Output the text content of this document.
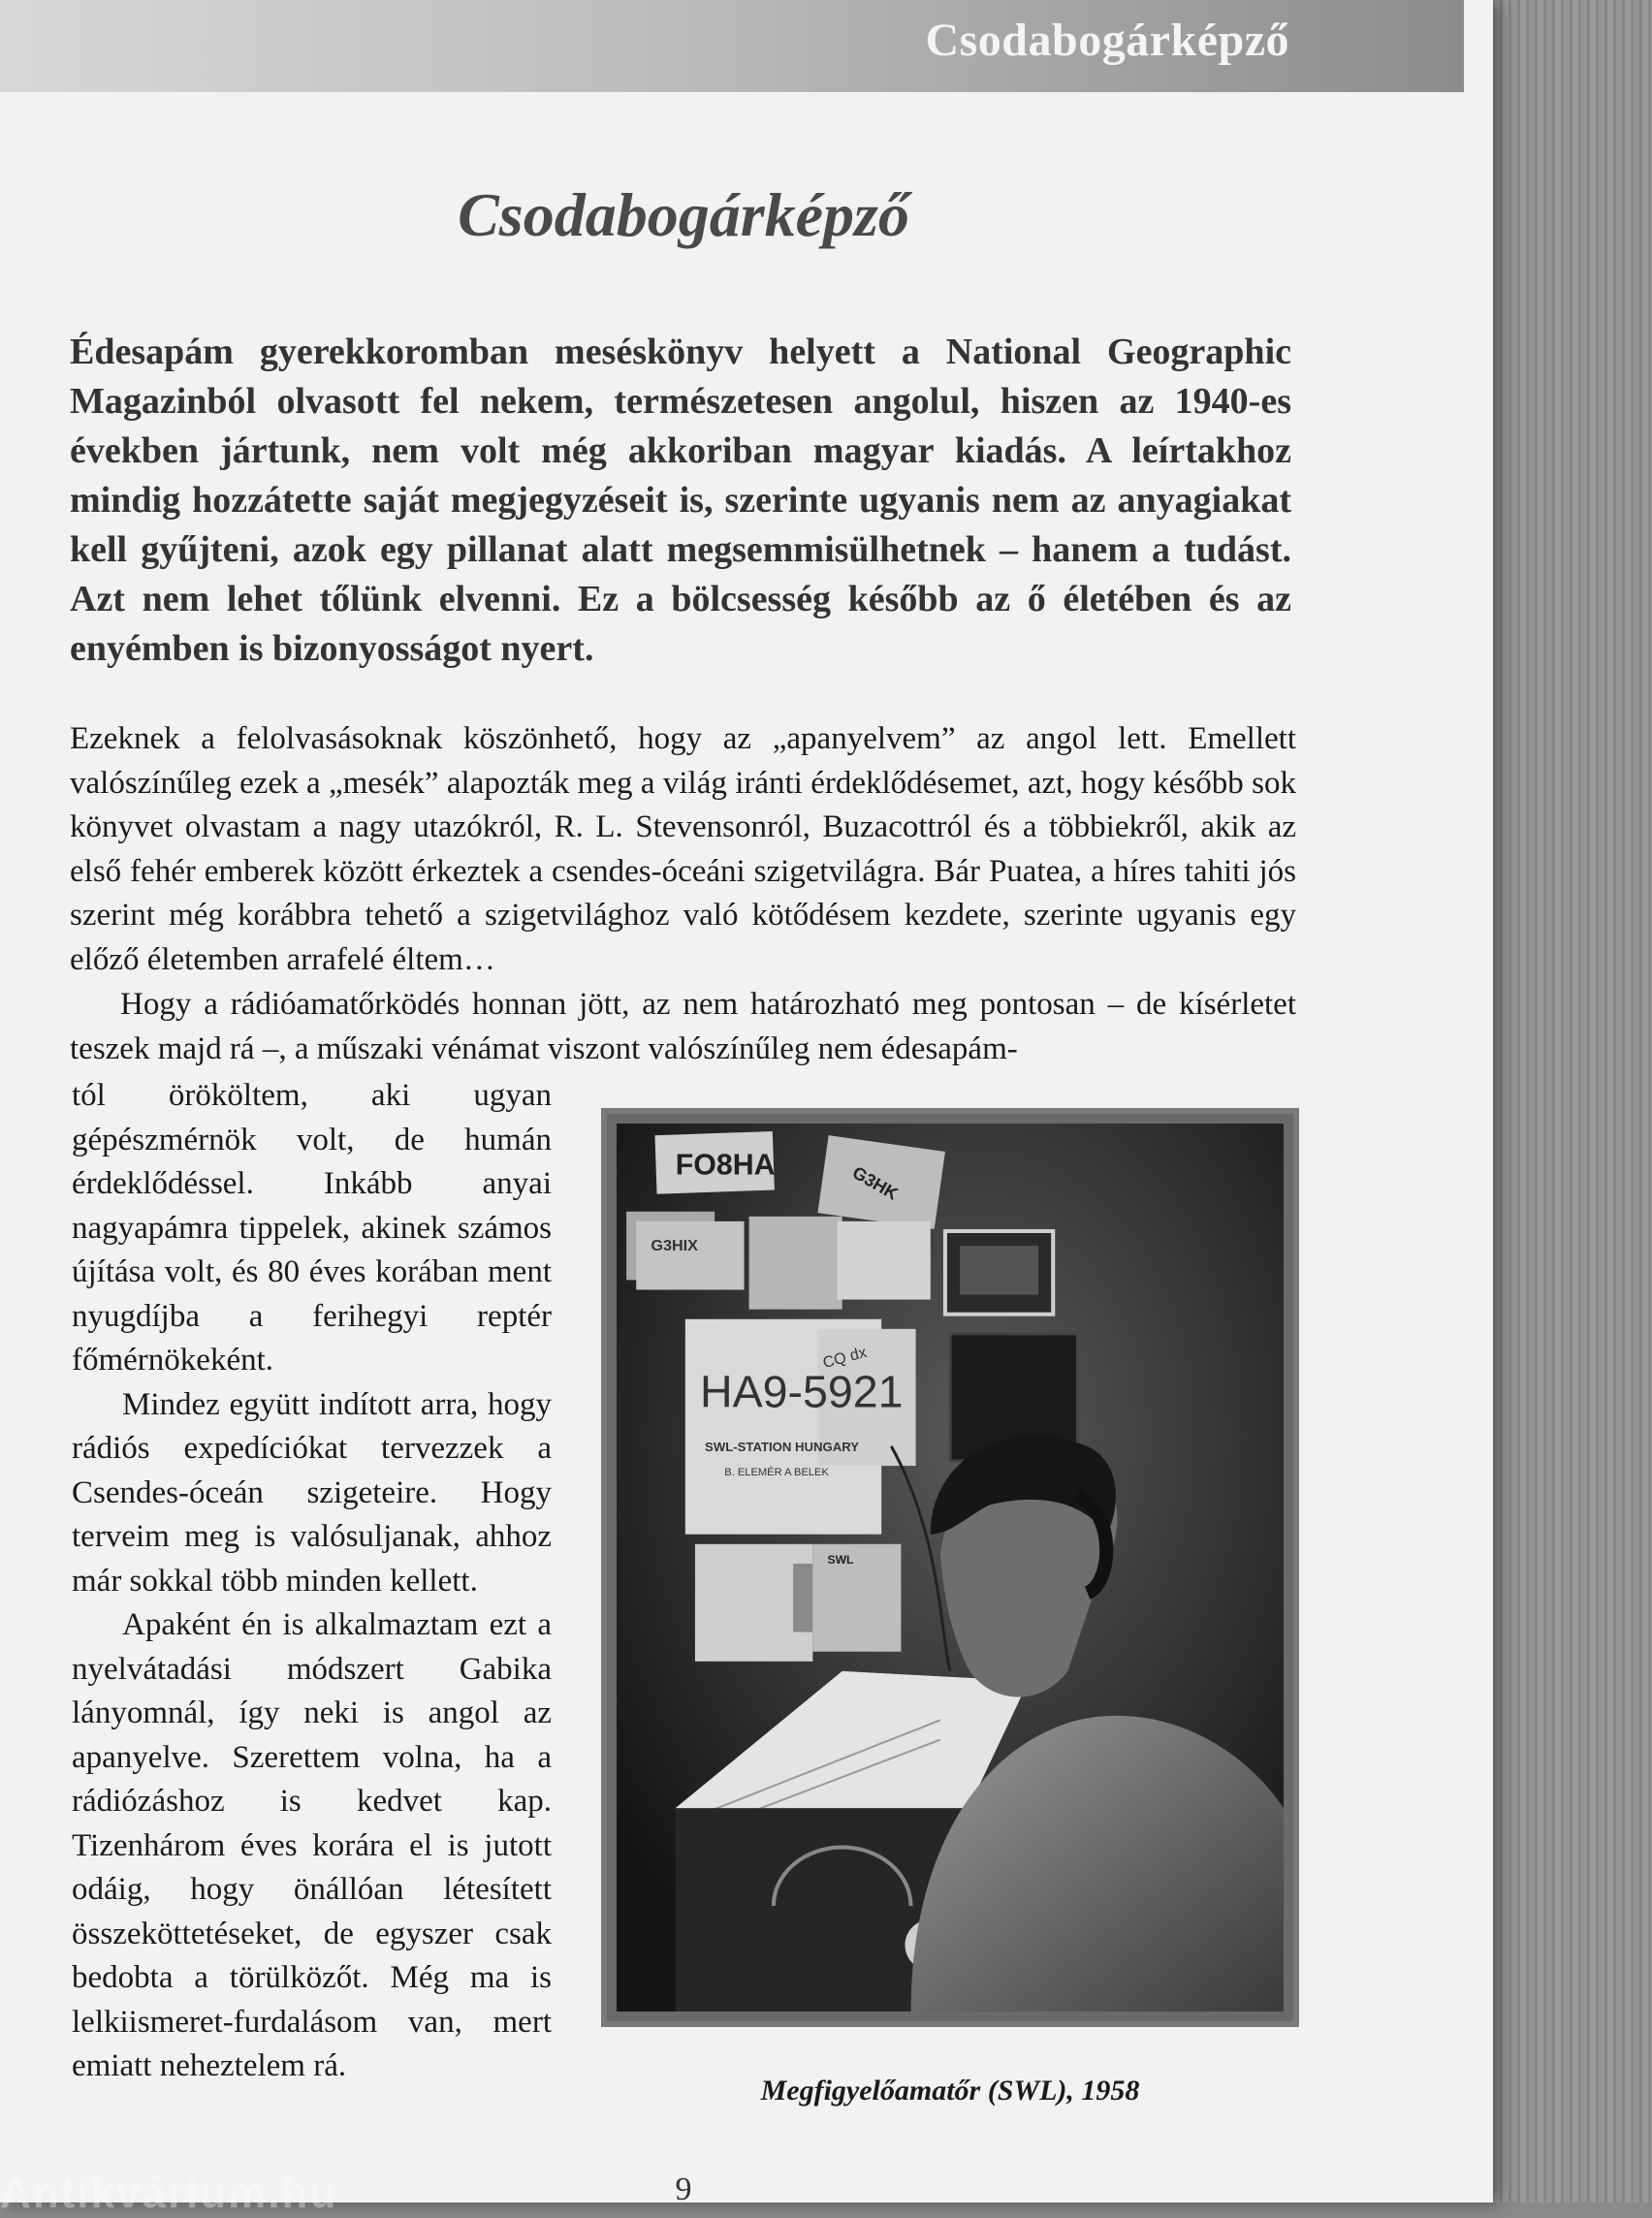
Csodabogárképző
Csodabogárképző

Édesapám gyerekkoromban meséskönyv helyett a National Geographic Magazinból olvasott fel nekem, természetesen angolul, hiszen az 1940-es években jártunk, nem volt még akkoriban magyar kiadás. A leírtakhoz mindig hozzátette saját megjegyzéseit is, szerinte ugyanis nem az anyagiakat kell gyűjteni, azok egy pillanat alatt megsemmisülhetnek – hanem a tudást. Azt nem lehet tőlünk elvenni. Ez a bölcsesség később az ő életében és az enyémben is bizonyosságot nyert.

Ezeknek a felolvasásoknak köszönhető, hogy az „apanyelvem” az angol lett. Emellett valószínűleg ezek a „mesék” alapozták meg a világ iránti érdeklődésemet, azt, hogy később sok könyvet olvastam a nagy utazókról, R. L. Stevensonról, Buzacottról és a többiekről, akik az első fehér emberek között érkeztek a csendes-óceáni szigetvilágra. Bár Puatea, a híres tahiti jós szerint még korábbra tehető a szigetvilághoz való kötődésem kezdete, szerinte ugyanis egy előző életemben arrafelé éltem…

Hogy a rádióamatőrködés honnan jött, az nem határozható meg pontosan – de kísérletet teszek majd rá –, a műszaki vénámat viszont valószínűleg nem édesapám-

tól örököltem, aki ugyan gépészmérnök volt, de humán érdeklődéssel. Inkább anyai nagyapámra tippelek, akinek számos újítása volt, és 80 éves korában ment nyugdíjba a ferihegyi reptér főmérnökeként.

Mindez együtt indított arra, hogy rádiós expedíciókat tervezzek a Csendes-óceán szigeteire. Hogy terveim meg is valósuljanak, ahhoz már sokkal több minden kellett.

Apaként én is alkalmaztam ezt a nyelvátadási módszert Gabika lányomnál, így neki is angol az apanyelve. Szerettem volna, ha a rádiózáshoz is kedvet kap. Tizenhárom éves korára el is jutott odáig, hogy önállóan létesített összeköttetéseket, de egyszer csak bedobta a törülközőt. Még ma is lelkiismeret-furdalásom van, mert emiatt neheztelem rá.

FO8HA	G3HK
G3HIX
HA9-5921
SWL-STATION HUNGARY
B. ELEMÉR A BELEK
CQ dx
SWL
Megfigyelőamatőr (SWL), 1958
9
Antikvárium.hu
